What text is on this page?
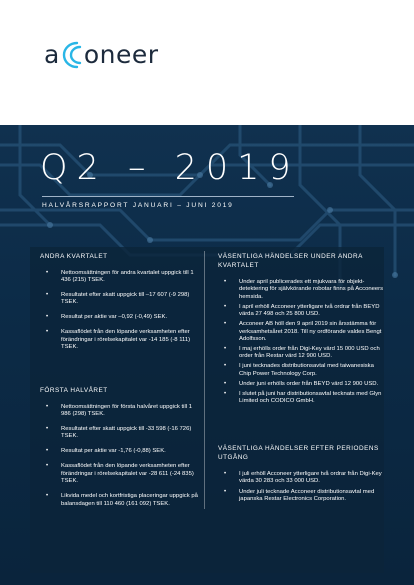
a oneer
Q2 – 2019
HALVÅRSRAPPORT JANUARI – JUNI 2019
ANDRA KVARTALET
• Nettoomsättningen för andra kvartalet uppgick till 1 436 (215) TSEK.
• Resultatet efter skatt uppgick till –17 607 (-9 298) TSEK.
• Resultat per aktie var –0,92 (-0,49) SEK.
• Kassaflödet från den löpande verksamheten efter förändringar i rörelsekapitalet var -14 185 (-8 111) TSEK.
FÖRSTA HALVÅRET
• Nettoomsättningen för första halvåret uppgick till 1 986 (298) TSEK.
• Resultatet efter skatt uppgick till -33 598 (-16 726) TSEK.
• Resultat per aktie var -1,76 (-0,88) SEK.
• Kassaflödet från den löpande verksamheten efter förändringar i rörelsekapitalet var -28 611 (-24 835) TSEK.
• Likvida medel och kortfristiga placeringar uppgick på balansdagen till 110 460 (161 092) TSEK.
VÄSENTLIGA HÄNDELSER UNDER ANDRA KVARTALET
• Under april publicerades ett mjukvara för objekt-detektering för självkörande robotar finns på Acconeers hemsida.
• I april erhöll Acconeer ytterligare två ordrar från BEYD värda 27 498 och 25 800 USD.
• Acconeer AB höll den 9 april 2019 sin årsstämma för verksamhetsåret 2018. Till ny ordförande valdes Bengt Adolfsson.
• I maj erhölls order från Digi-Key värd 15 000 USD och order från Restar värd 12 900 USD.
• I juni tecknades distributionsavtal med taiwanesiska Chip Power Technology Corp.
• Under juni erhölls order från BEYD värd 12 900 USD.
• I slutet på juni har distributionsavtal tecknats med Glyn Limited och CODICO GmbH.
VÄSENTLIGA HÄNDELSER EFTER PERIODENS UTGÅNG
• I juli erhöll Acconeer ytterligare två ordrar från Digi-Key värda 30 283 och 33 000 USD.
• Under juli tecknade Acconeer distributionsavtal med japanska Restar Electronics Corporation.
